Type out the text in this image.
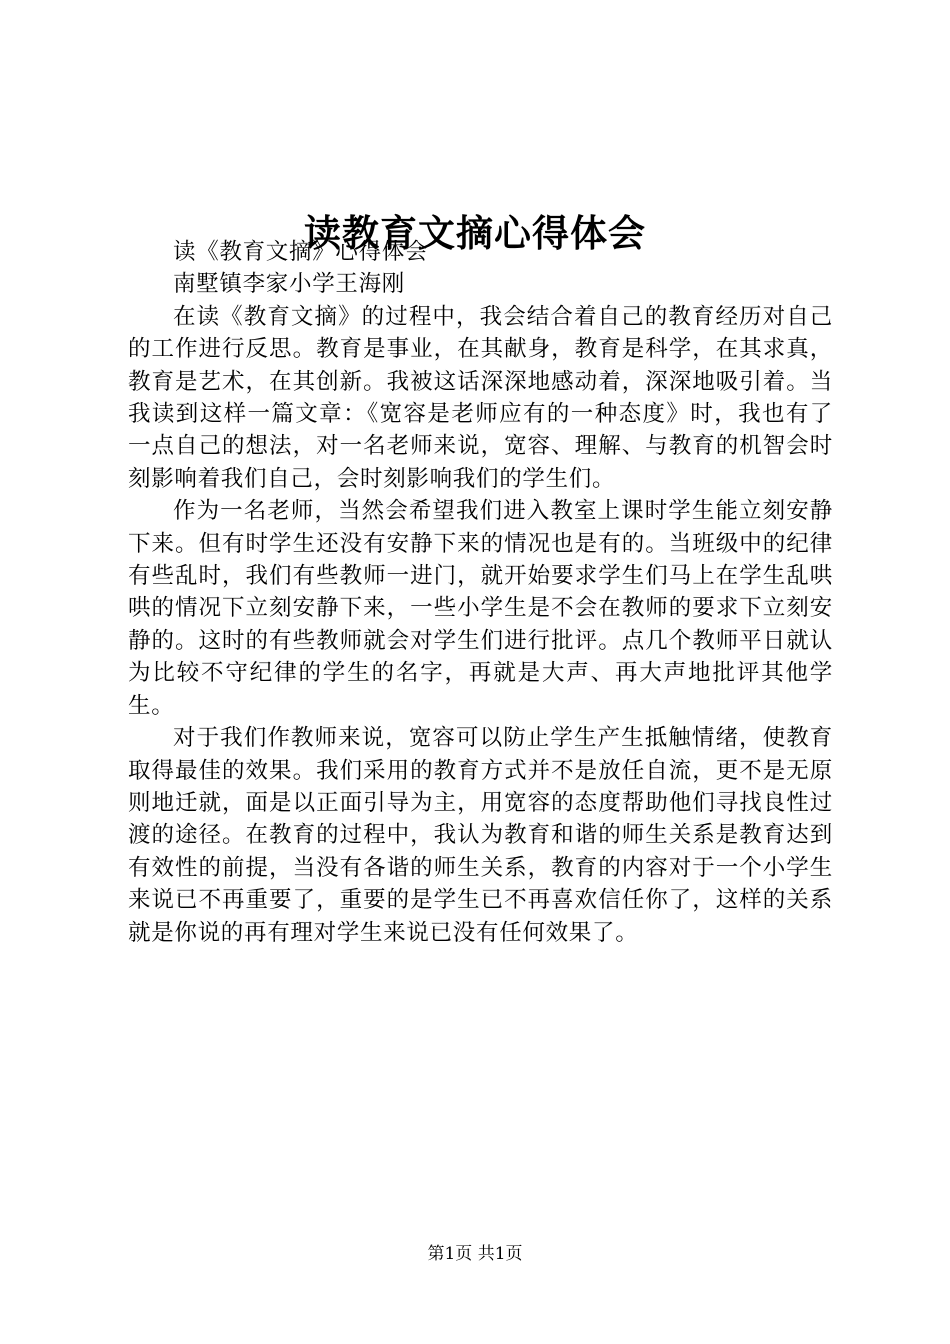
读教育文摘心得体会

读《教育文摘》心得体会

南墅镇李家小学王海刚

在读《教育文摘》的过程中，我会结合着自己的教育经历对自己的工作进行反思。教育是事业，在其献身，教育是科学，在其求真，教育是艺术，在其创新。我被这话深深地感动着，深深地吸引着。当我读到这样一篇文章：《宽容是老师应有的一种态度》时，我也有了一点自己的想法，对一名老师来说，宽容、理解、与教育的机智会时刻影响着我们自己，会时刻影响我们的学生们。

作为一名老师，当然会希望我们进入教室上课时学生能立刻安静下来。但有时学生还没有安静下来的情况也是有的。当班级中的纪律有些乱时，我们有些教师一进门，就开始要求学生们马上在学生乱哄哄的情况下立刻安静下来，一些小学生是不会在教师的要求下立刻安静的。这时的有些教师就会对学生们进行批评。点几个教师平日就认为比较不守纪律的学生的名字，再就是大声、再大声地批评其他学生。

对于我们作教师来说，宽容可以防止学生产生抵触情绪，使教育取得最佳的效果。我们采用的教育方式并不是放任自流，更不是无原则地迁就，面是以正面引导为主，用宽容的态度帮助他们寻找良性过渡的途径。在教育的过程中，我认为教育和谐的师生关系是教育达到有效性的前提，当没有各谐的师生关系，教育的内容对于一个小学生来说已不再重要了，重要的是学生已不再喜欢信任你了，这样的关系就是你说的再有理对学生来说已没有任何效果了。

第1页 共1页
